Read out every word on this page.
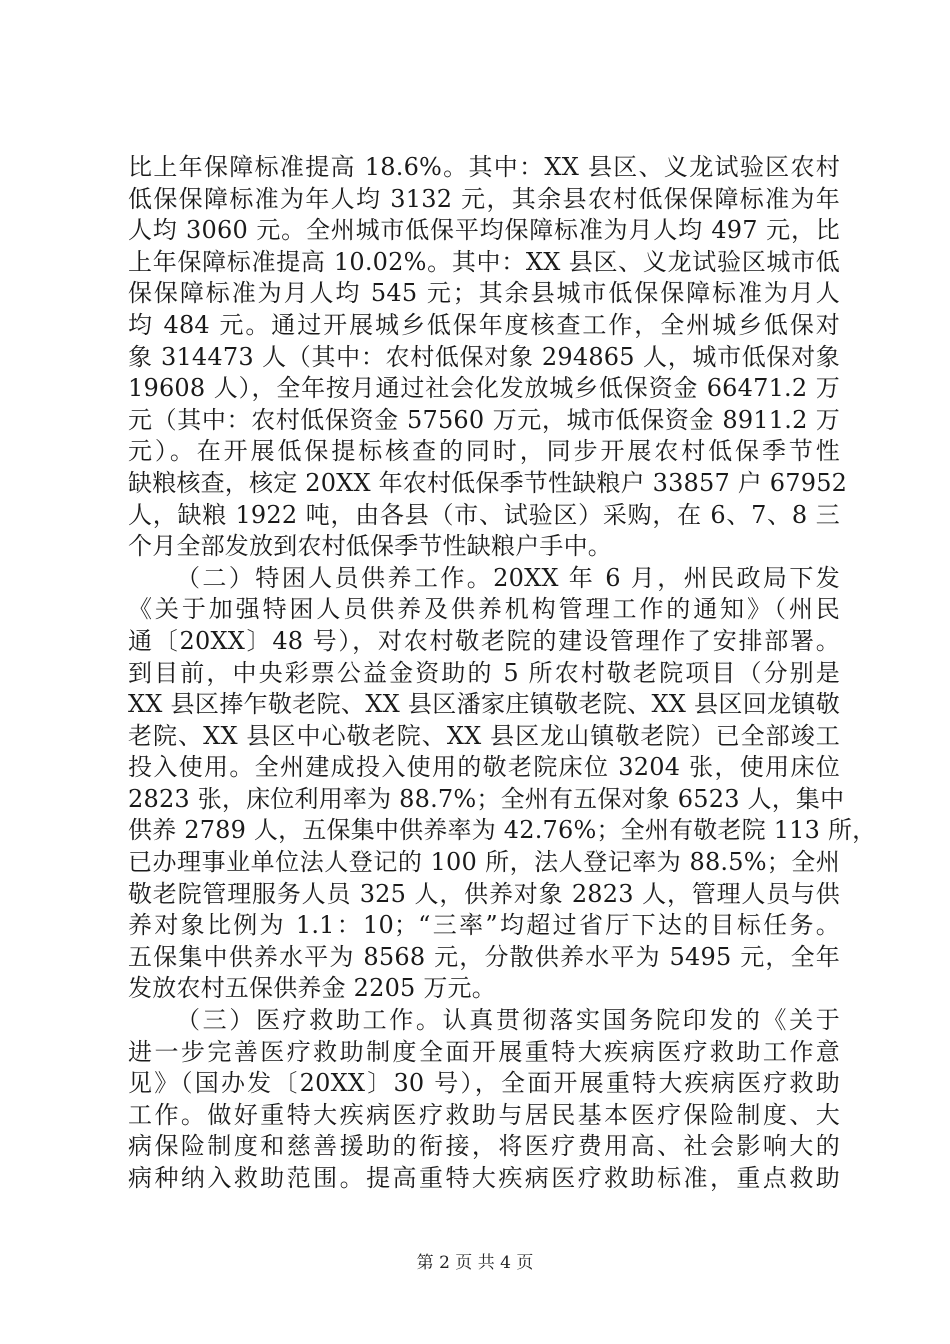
比上年保障标准提高 18.6%。其中：XX 县区、义龙试验区农村
低保保障标准为年人均 3132 元，其余县农村低保保障标准为年
人均 3060 元。全州城市低保平均保障标准为月人均 497 元，比
上年保障标准提高 10.02%。其中：XX 县区、义龙试验区城市低
保保障标准为月人均 545 元；其余县城市低保保障标准为月人
均 484 元。通过开展城乡低保年度核查工作，全州城乡低保对
象 314473 人（其中：农村低保对象 294865 人，城市低保对象
19608 人），全年按月通过社会化发放城乡低保资金 66471.2 万
元（其中：农村低保资金 57560 万元，城市低保资金 8911.2 万
元）。在开展低保提标核查的同时，同步开展农村低保季节性
缺粮核查，核定 20XX 年农村低保季节性缺粮户 33857 户 67952
人，缺粮 1922 吨，由各县（市、试验区）采购，在 6、7、8 三
个月全部发放到农村低保季节性缺粮户手中。
（二）特困人员供养工作。20XX 年 6 月，州民政局下发
《关于加强特困人员供养及供养机构管理工作的通知》（州民
通〔20XX〕48 号），对农村敬老院的建设管理作了安排部署。
到目前，中央彩票公益金资助的 5 所农村敬老院项目（分别是
XX 县区捧乍敬老院、XX 县区潘家庄镇敬老院、XX 县区回龙镇敬
老院、XX 县区中心敬老院、XX 县区龙山镇敬老院）已全部竣工
投入使用。全州建成投入使用的敬老院床位 3204 张，使用床位
2823 张，床位利用率为 88.7%；全州有五保对象 6523 人，集中
供养 2789 人，五保集中供养率为 42.76%；全州有敬老院 113 所，
已办理事业单位法人登记的 100 所，法人登记率为 88.5%；全州
敬老院管理服务人员 325 人，供养对象 2823 人，管理人员与供
养对象比例为 1.1：10；“三率”均超过省厅下达的目标任务。
五保集中供养水平为 8568 元，分散供养水平为 5495 元，全年
发放农村五保供养金 2205 万元。
（三）医疗救助工作。认真贯彻落实国务院印发的《关于
进一步完善医疗救助制度全面开展重特大疾病医疗救助工作意
见》（国办发〔20XX〕30 号），全面开展重特大疾病医疗救助
工作。做好重特大疾病医疗救助与居民基本医疗保险制度、大
病保险制度和慈善援助的衔接，将医疗费用高、社会影响大的
病种纳入救助范围。提高重特大疾病医疗救助标准，重点救助
第 2 页 共 4 页
